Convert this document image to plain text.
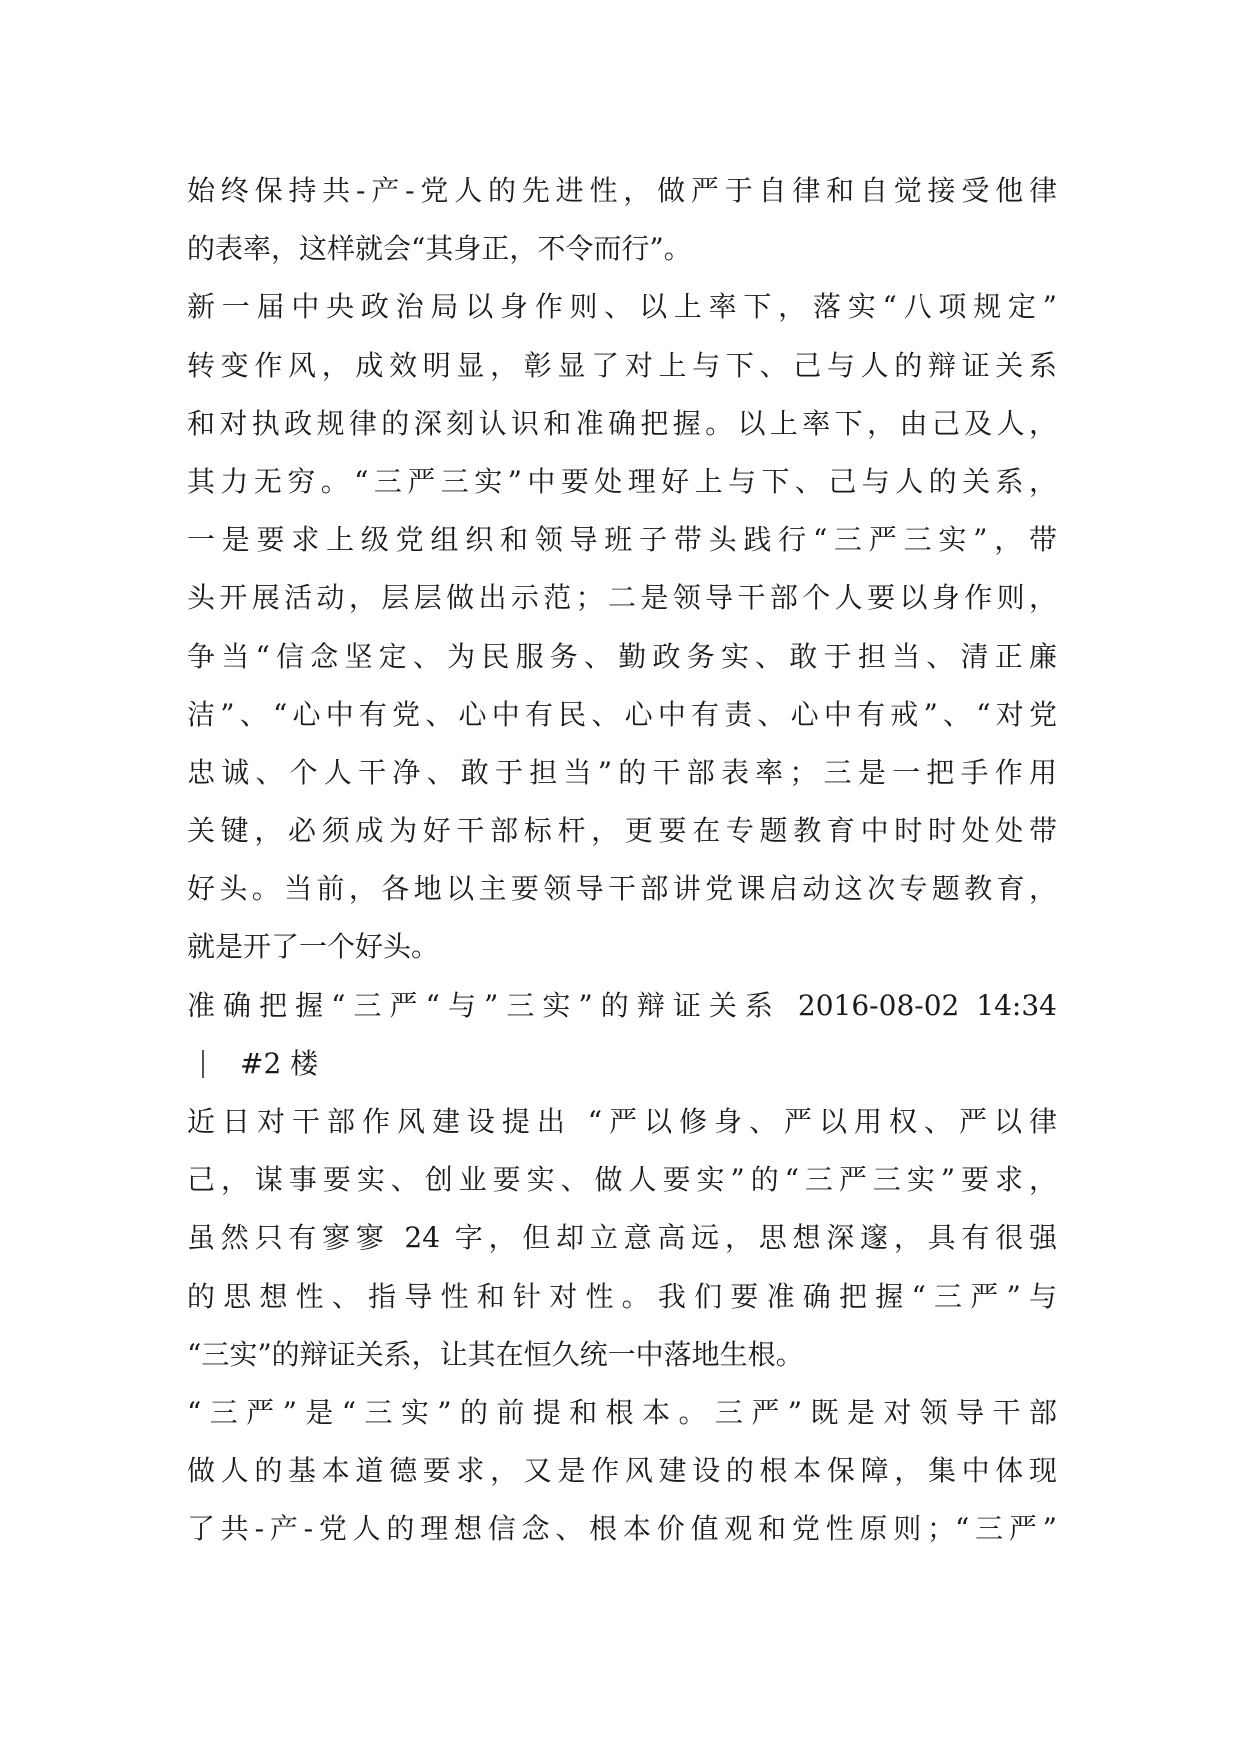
始终保持共-产-党人的先进性，做严于自律和自觉接受他律
的表率，这样就会“其身正，不令而行”。
新一届中央政治局以身作则、以上率下，落实“八项规定”
转变作风，成效明显，彰显了对上与下、己与人的辩证关系
和对执政规律的深刻认识和准确把握。以上率下，由己及人，
其力无穷。“三严三实”中要处理好上与下、己与人的关系，
一是要求上级党组织和领导班子带头践行“三严三实”，带
头开展活动，层层做出示范；二是领导干部个人要以身作则，
争当“信念坚定、为民服务、勤政务实、敢于担当、清正廉
洁”、“心中有党、心中有民、心中有责、心中有戒”、“对党
忠诚、个人干净、敢于担当”的干部表率；三是一把手作用
关键，必须成为好干部标杆，更要在专题教育中时时处处带
好头。当前，各地以主要领导干部讲党课启动这次专题教育，
就是开了一个好头。
准确把握“三严“与”三实”的辩证关系 2016-08-02 14:34
#2 楼
近日对干部作风建设提出 “严以修身、严以用权、严以律
己，谋事要实、创业要实、做人要实”的“三严三实”要求，
虽然只有寥寥 24 字，但却立意高远，思想深邃，具有很强
的思想性、指导性和针对性。我们要准确把握“三严”与
“三实”的辩证关系，让其在恒久统一中落地生根。
“三严”是“三实”的前提和根本。三严”既是对领导干部
做人的基本道德要求，又是作风建设的根本保障，集中体现
了共-产-党人的理想信念、根本价值观和党性原则；“三严”
